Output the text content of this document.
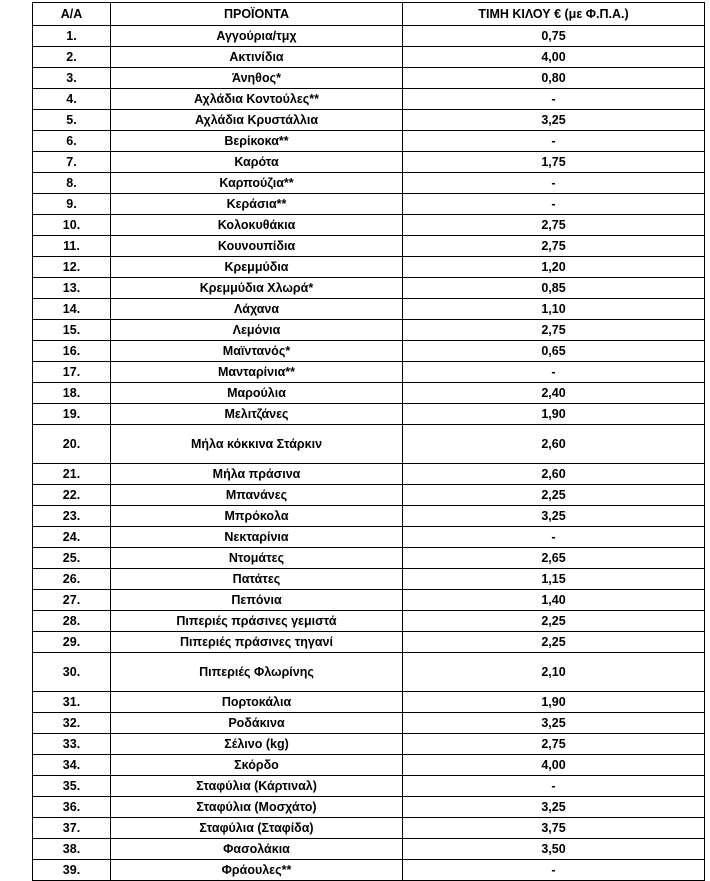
Α/Α	ΠΡΟΪΟΝΤΑ	ΤΙΜΗ ΚΙΛΟΥ € (με Φ.Π.Α.)
1.	Αγγούρια/τμχ	0,75
2.	Ακτινίδια	4,00
3.	Άνηθος*	0,80
4.	Αχλάδια Κοντούλες**	-
5.	Αχλάδια Κρυστάλλια	3,25
6.	Βερίκοκα**	-
7.	Καρότα	1,75
8.	Καρπούζια**	-
9.	Κεράσια**	-
10.	Κολοκυθάκια	2,75
11.	Κουνουπίδια	2,75
12.	Κρεμμύδια	1,20
13.	Κρεμμύδια Χλωρά*	0,85
14.	Λάχανα	1,10
15.	Λεμόνια	2,75
16.	Μαϊντανός*	0,65
17.	Μανταρίνια**	-
18.	Μαρούλια	2,40
19.	Μελιτζάνες	1,90
20.	Μήλα κόκκινα Στάρκιν	2,60
21.	Μήλα πράσινα	2,60
22.	Μπανάνες	2,25
23.	Μπρόκολα	3,25
24.	Νεκταρίνια	-
25.	Ντομάτες	2,65
26.	Πατάτες	1,15
27.	Πεπόνια	1,40
28.	Πιπεριές πράσινες γεμιστά	2,25
29.	Πιπεριές πράσινες τηγανί	2,25
30.	Πιπεριές Φλωρίνης	2,10
31.	Πορτοκάλια	1,90
32.	Ροδάκινα	3,25
33.	Σέλινο (kg)	2,75
34.	Σκόρδο	4,00
35.	Σταφύλια (Κάρτιναλ)	-
36.	Σταφύλια (Μοσχάτο)	3,25
37.	Σταφύλια (Σταφίδα)	3,75
38.	Φασολάκια	3,50
39.	Φράουλες**	-
